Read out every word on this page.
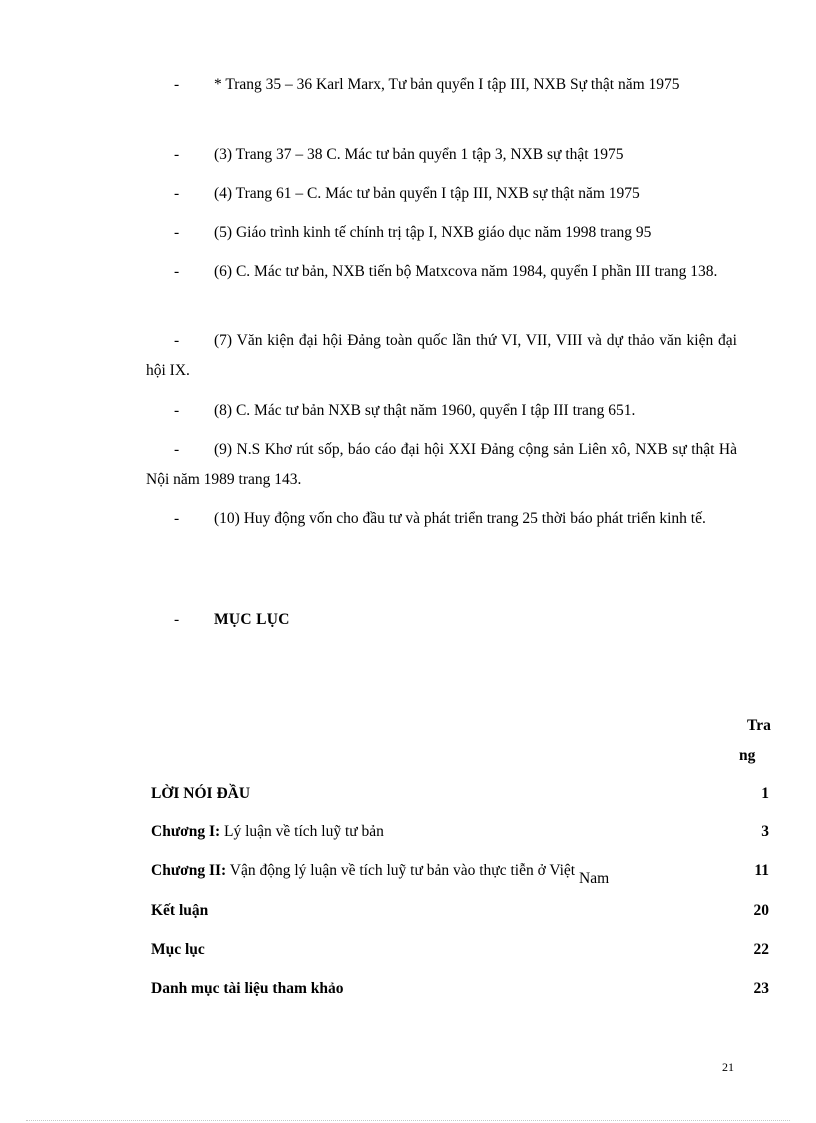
-	* Trang 35 – 36 Karl Marx, Tư bản quyển I tập III, NXB Sự thật năm 1975
-	(3) Trang 37 – 38 C. Mác tư bản quyển 1 tập 3, NXB sự thật 1975
-	(4) Trang 61 – C. Mác tư bản quyển I tập III, NXB sự thật năm 1975
-	(5) Giáo trình kinh tế chính trị tập I, NXB giáo dục năm 1998 trang 95
-	(6) C. Mác tư bản, NXB tiến bộ Matxcova năm 1984, quyển I phần III trang 138.
-	(7) Văn kiện đại hội Đảng toàn quốc lần thứ VI, VII, VIII và dự thảo văn kiện đại hội IX.
-	(8) C. Mác tư bản NXB sự thật năm 1960, quyển I tập III trang 651.
-	(9) N.S Khơ rút sốp, báo cáo đại hội XXI Đảng cộng sản Liên xô, NXB sự thật Hà Nội năm 1989 trang 143.
-	(10) Huy động vốn cho đầu tư và phát triển trang 25 thời báo phát triển kinh tế.
- MỤC LỤC
Tra
ng
LỜI NÓI ĐẦU	1
Chương I: Lý luận về tích luỹ tư bản	3
Chương II: Vận động lý luận về tích luỹ tư bản vào thực tiễn ở Việt Nam	11
Kết luận	20
Mục lục	22
Danh mục tài liệu tham khảo	23
21
